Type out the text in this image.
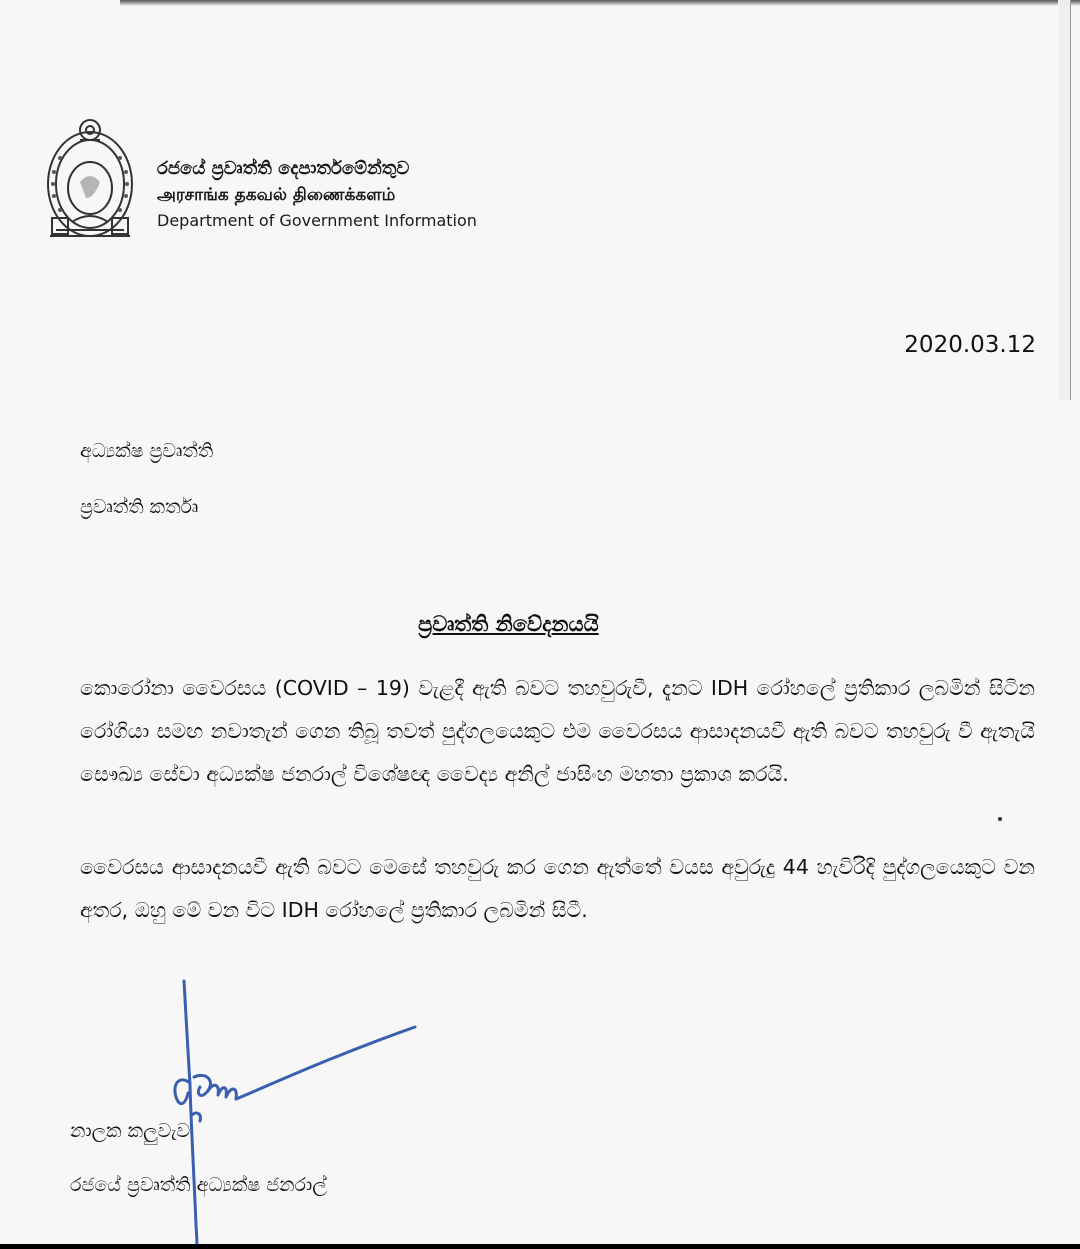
රජයේ ප්‍රවෘත්ති දෙපාර්තමේන්තුව

அரசாங்க தகவல் திணைக்களம்

Department of Government Information

2020.03.12
අධ්‍යක්ෂ ප්‍රවෘත්ති
ප්‍රවෘත්ති කර්තෘ
ප්‍රවෘත්ති නිවේදනයයි

කොරෝනා වෛරසය (COVID – 19) වැළදී ඇති බවට තහවුරුවී, දැනට IDH රෝහලේ ප්‍රතිකාර ලබමින් සිටින රෝගියා සමඟ නවාතැන් ගෙන තිබූ තවත් පුද්ගලයෙකුට එම වෛරසය ආසාදනයවී ඇති බවට තහවුරු වී ඇතැයි සෞඛ්‍ය සේවා අධ්‍යක්ෂ ජනරාල් විශේෂඥ වෛද්‍ය අනිල් ජාසිංහ මහතා ප්‍රකාශ කරයි.

වෛරසය ආසාදනයවී ඇති බවට මෙසේ තහවුරු කර ගෙන ඇත්තේ වයස අවුරුදු 44 හැවිරිදි පුද්ගලයෙකුට වන අතර, ඔහු මේ වන විට IDH රෝහලේ ප්‍රතිකාර ලබමින් සිටී.

නාලක කලුවැව
රජයේ ප්‍රවෘත්ති අධ්‍යක්ෂ ජනරාල්
